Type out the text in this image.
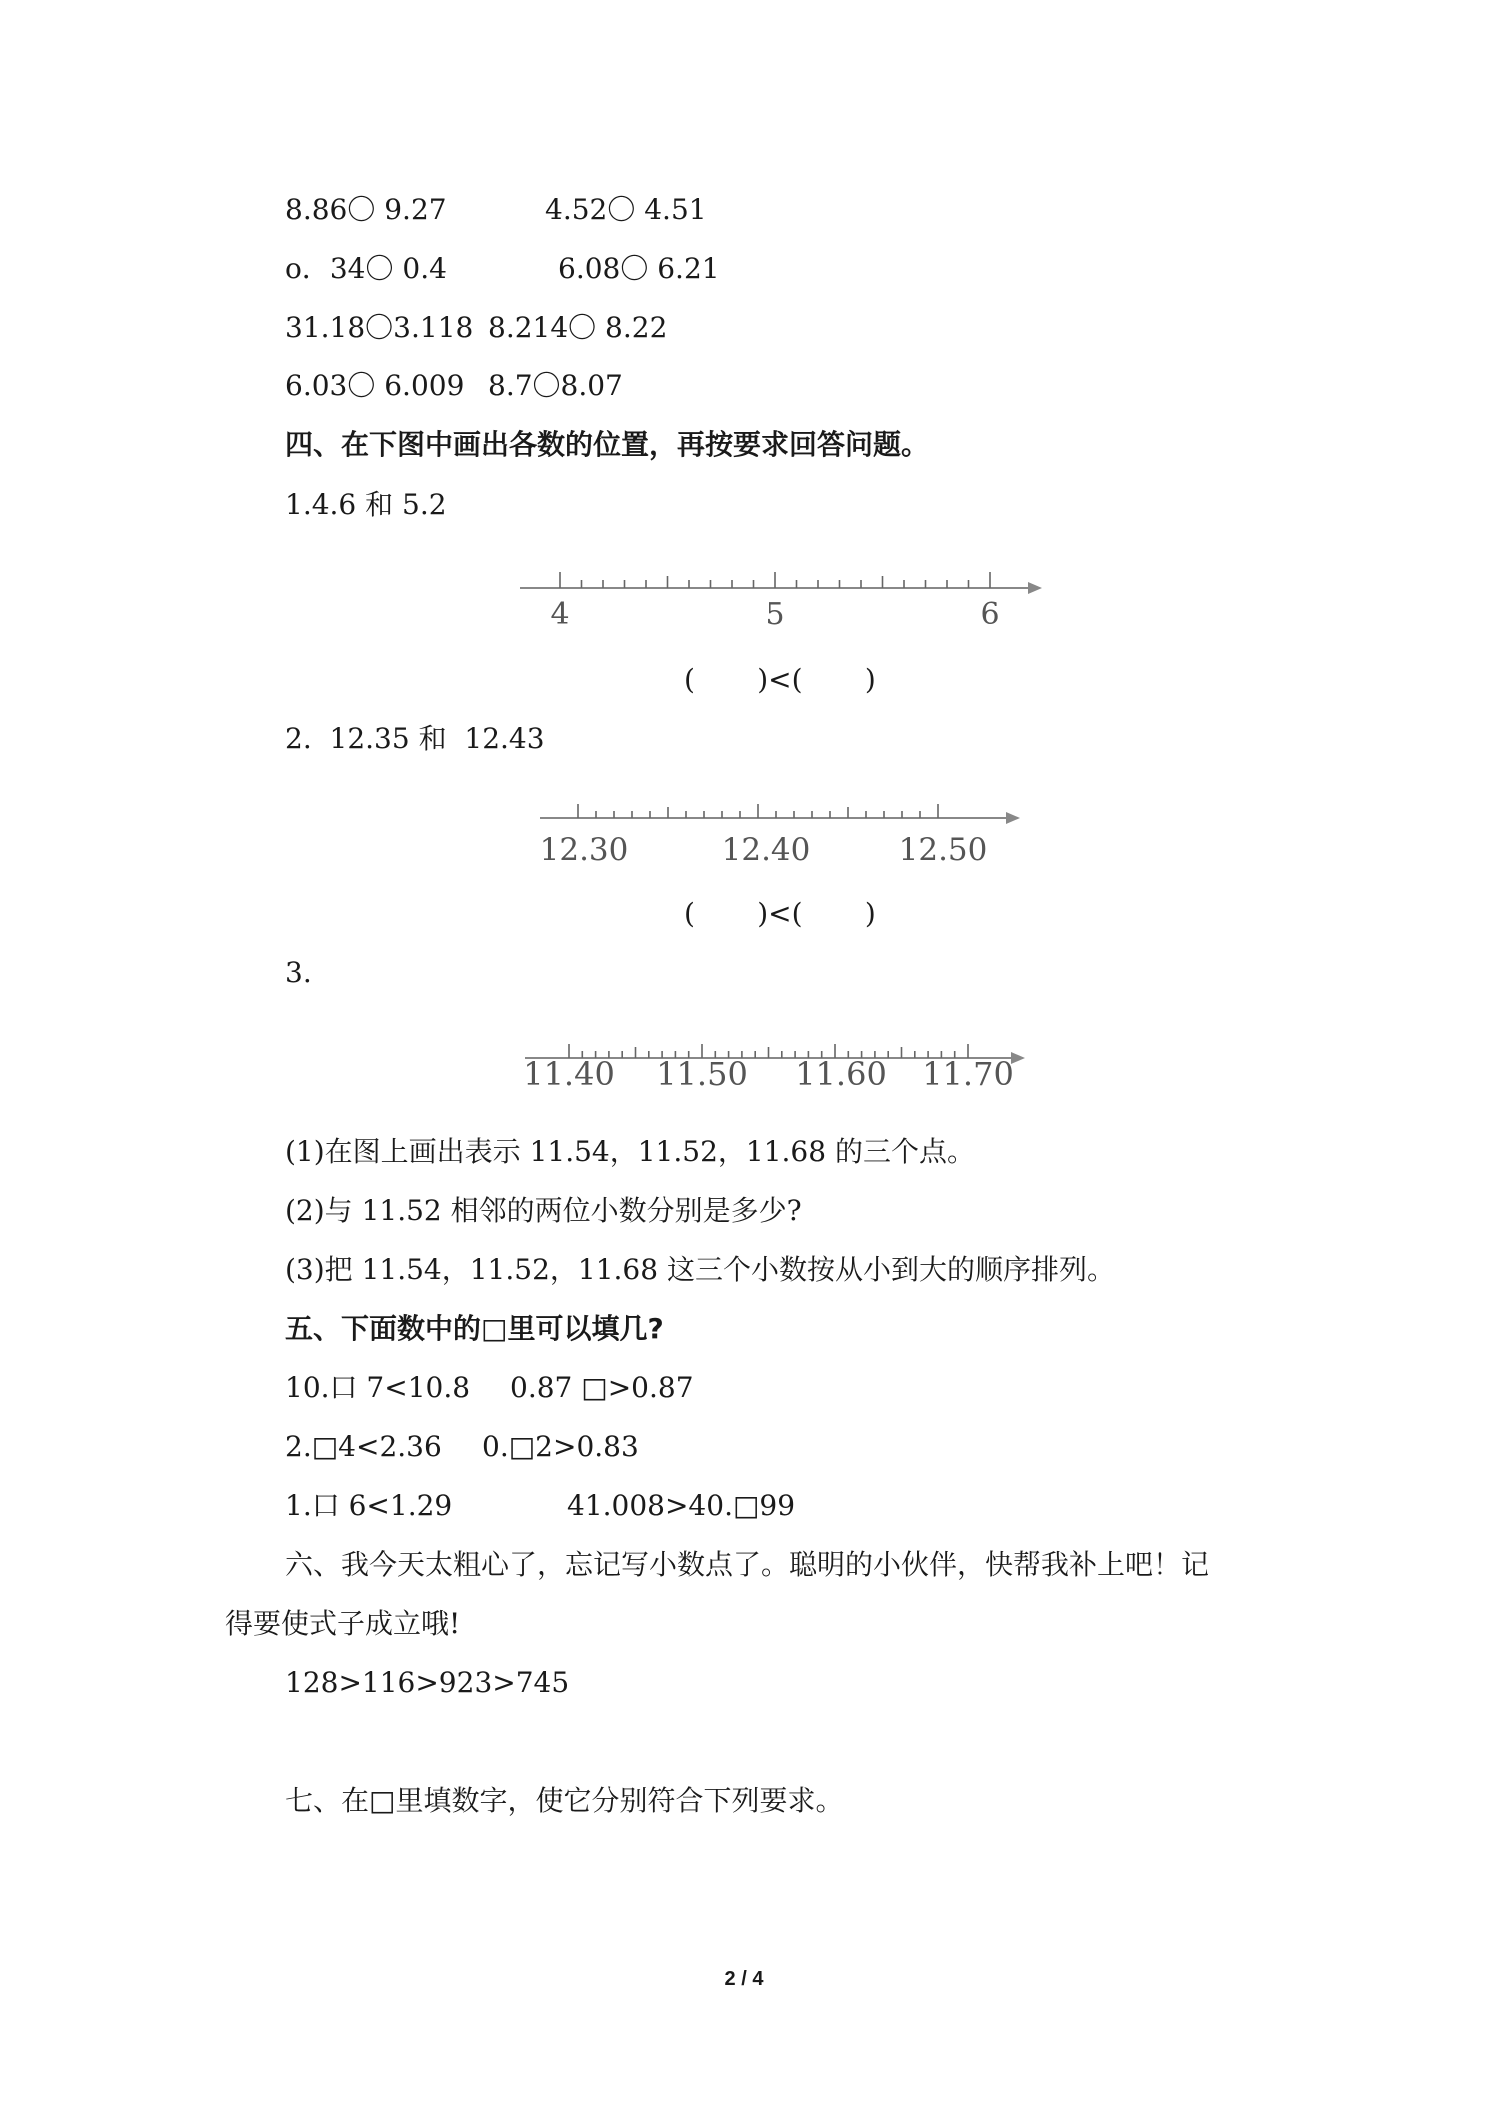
8.86〇 9.27	4.52〇 4.51
o．34〇 0.4	6.08〇 6.21
31.18〇3.118 8.214〇 8.22
6.03〇 6.009 8.7〇8.07
四、在下图中画出各数的位置，再按要求回答问题。
1.4.6 和 5.2
4	5	6
(       )<(       )
2.  12.35 和  12.43
12.30	12.40	12.50
(       )<(       )
3.
11.40 11.50 11.60 11.70
(1)在图上画出表示 11.54，11.52，11.68 的三个点。
(2)与 11.52 相邻的两位小数分别是多少?
(3)把 11.54，11.52，11.68 这三个小数按从小到大的顺序排列。
五、下面数中的□里可以填几?
10.口 7<10.8 0.87 □>0.87
2.□4<2.36 0.□2>0.83
1.口 6<1.29	41.008>40.□99
六、我今天太粗心了，忘记写小数点了。聪明的小伙伴，快帮我补上吧！记
得要使式子成立哦!
128>116>923>745
七、在□里填数字，使它分别符合下列要求。
2 / 4
